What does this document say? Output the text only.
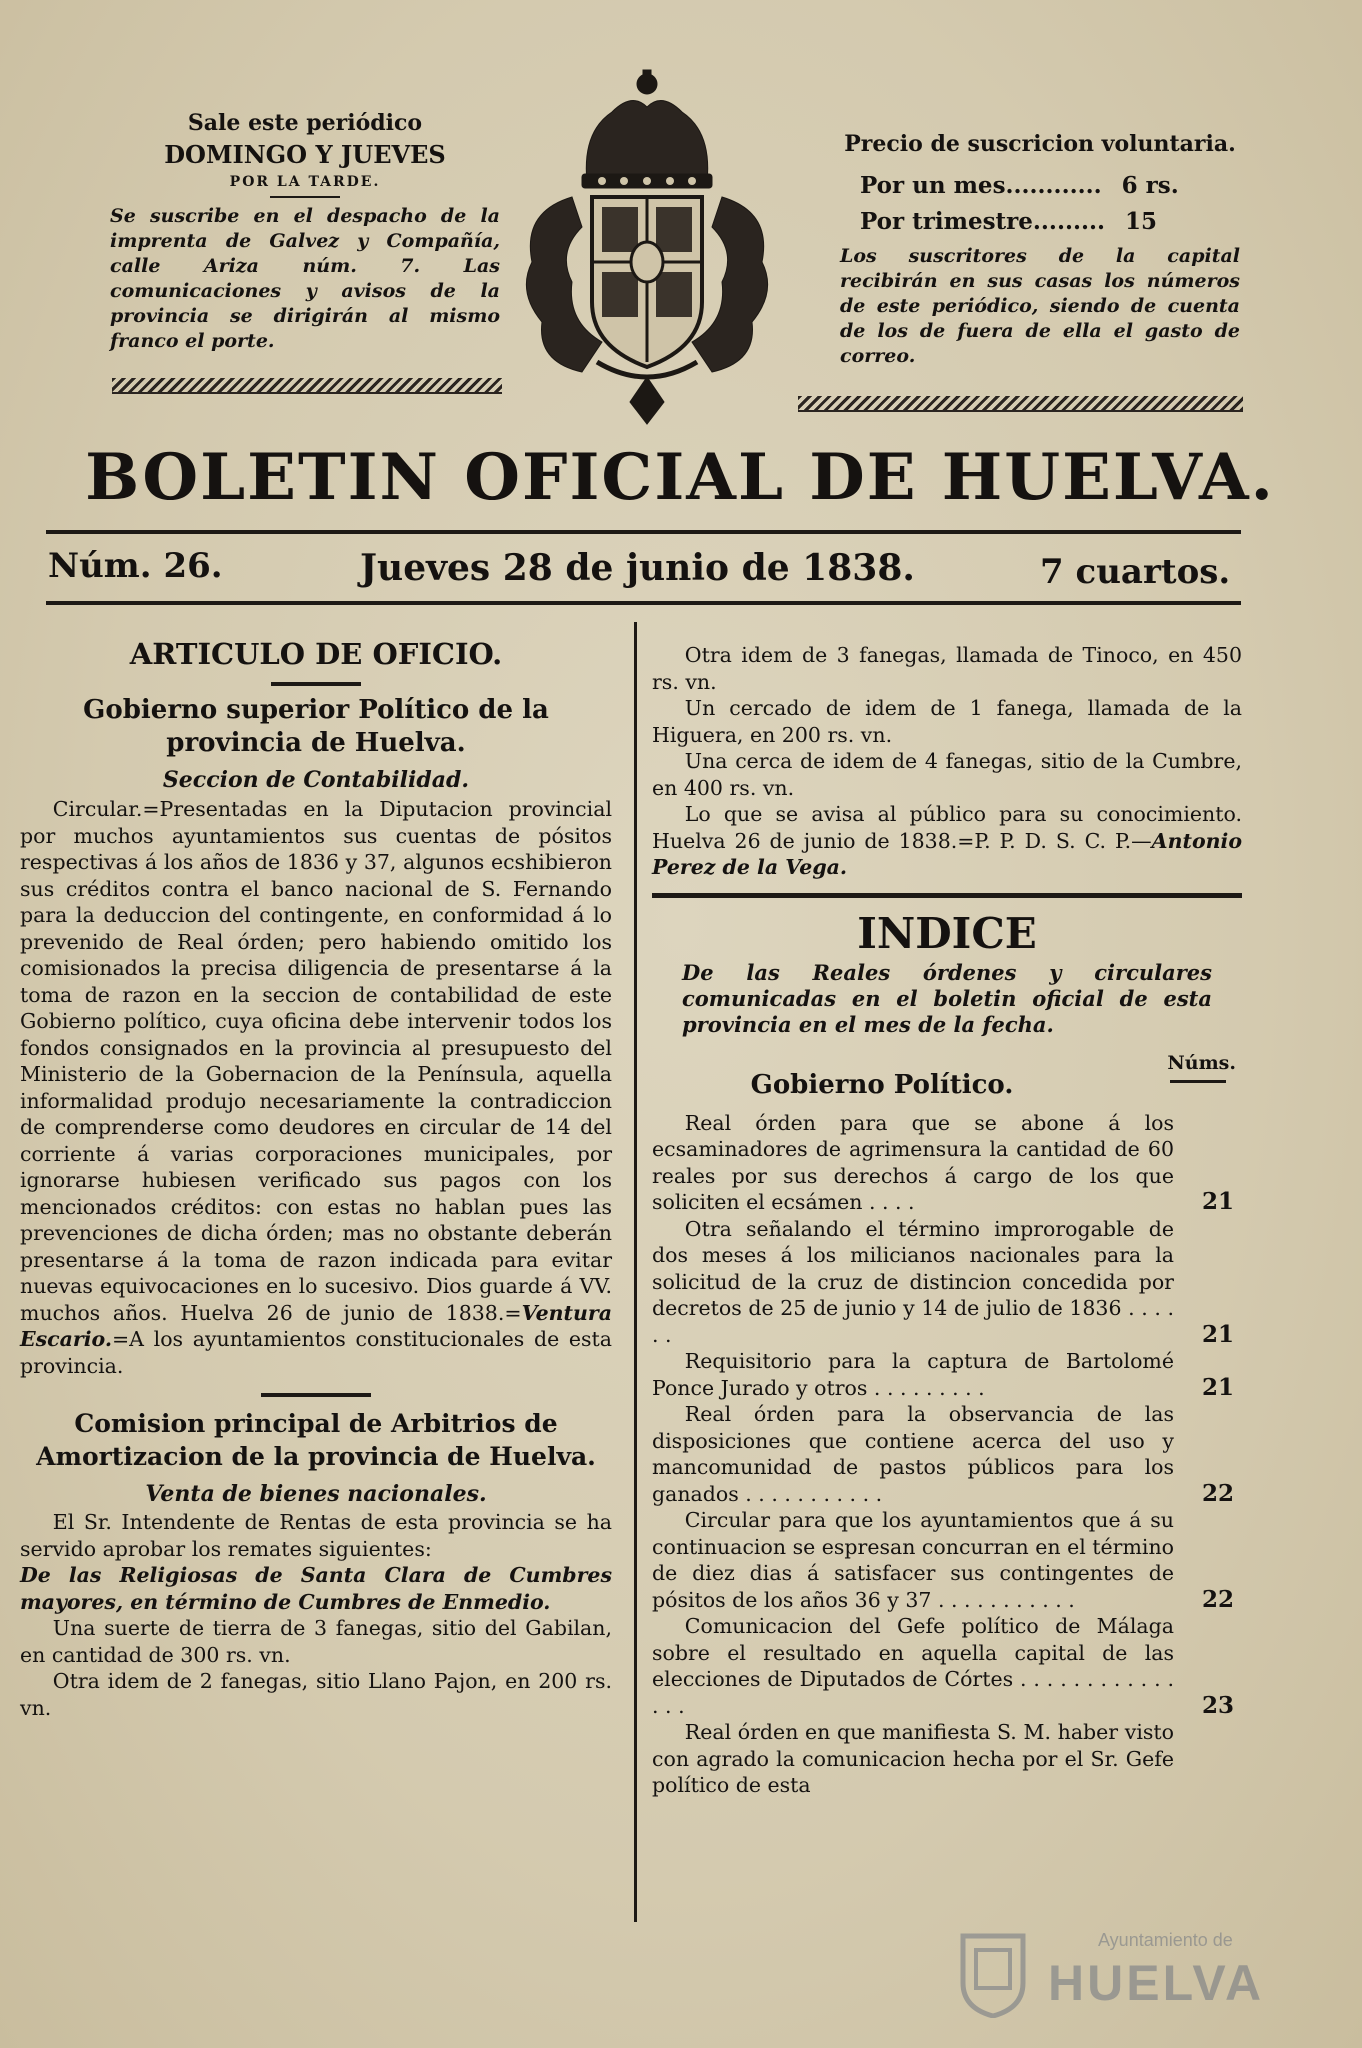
Sale este periódico
DOMINGO Y JUEVES
POR LA TARDE.
Se suscribe en el despacho de la imprenta de Galvez y Compañía, calle Ariza núm. 7. Las comunicaciones y avisos de la provincia se dirigirán al mismo franco el porte.
Precio de suscricion voluntaria.
Por un mes............ 6 rs.
Por trimestre......... 15
Los suscritores de la capital recibirán en sus casas los números de este periódico, siendo de cuenta de los de fuera de ella el gasto de correo.
BOLETIN OFICIAL DE HUELVA.
Núm. 26.	Jueves 28 de junio de 1838.	7 cuartos.
ARTICULO DE OFICIO.
Gobierno superior Político de la provincia de Huelva.
Seccion de Contabilidad.

Circular.=Presentadas en la Diputacion provincial por muchos ayuntamientos sus cuentas de pósitos respectivas á los años de 1836 y 37, algunos ecshibieron sus créditos contra el banco nacional de S. Fernando para la deduccion del contingente, en conformidad á lo prevenido de Real órden; pero habiendo omitido los comisionados la precisa diligencia de presentarse á la toma de razon en la seccion de contabilidad de este Gobierno político, cuya oficina debe intervenir todos los fondos consignados en la provincia al presupuesto del Ministerio de la Gobernacion de la Península, aquella informalidad produjo necesariamente la contradiccion de comprenderse como deudores en circular de 14 del corriente á varias corporaciones municipales, por ignorarse hubiesen verificado sus pagos con los mencionados créditos: con estas no hablan pues las prevenciones de dicha órden; mas no obstante deberán presentarse á la toma de razon indicada para evitar nuevas equivocaciones en lo sucesivo. Dios guarde á VV. muchos años. Huelva 26 de junio de 1838.=Ventura Escario.=A los ayuntamientos constitucionales de esta provincia.

Comision principal de Arbitrios de Amortizacion de la provincia de Huelva.
Venta de bienes nacionales.

El Sr. Intendente de Rentas de esta provincia se ha servido aprobar los remates siguientes:

De las Religiosas de Santa Clara de Cumbres mayores, en término de Cumbres de Enmedio.

Una suerte de tierra de 3 fanegas, sitio del Gabilan, en cantidad de 300 rs. vn.

Otra idem de 2 fanegas, sitio Llano Pajon, en 200 rs. vn.

Otra idem de 3 fanegas, llamada de Tinoco, en 450 rs. vn.

Un cercado de idem de 1 fanega, llamada de la Higuera, en 200 rs. vn.

Una cerca de idem de 4 fanegas, sitio de la Cumbre, en 400 rs. vn.

Lo que se avisa al público para su conocimiento. Huelva 26 de junio de 1838.=P. P. D. S. C. P.—Antonio Perez de la Vega.

INDICE
De las Reales órdenes y circulares comunicadas en el boletin oficial de esta provincia en el mes de la fecha.
Gobierno Político.
Núms.
Real órden para que se abone á los ecsaminadores de agrimensura la cantidad de 60 reales por sus derechos á cargo de los que soliciten el ecsámen . . . .	21
Otra señalando el término improrogable de dos meses á los milicianos nacionales para la solicitud de la cruz de distincion concedida por decretos de 25 de junio y 14 de julio de 1836 . . . . . .	21
Requisitorio para la captura de Bartolomé Ponce Jurado y otros . . . . . . . . .	21
Real órden para la observancia de las disposiciones que contiene acerca del uso y mancomunidad de pastos públicos para los ganados . . . . . . . . . . .	22
Circular para que los ayuntamientos que á su continuacion se espresan concurran en el término de diez dias á satisfacer sus contingentes de pósitos de los años 36 y 37 . . . . . . . . . . .	22
Comunicacion del Gefe político de Málaga sobre el resultado en aquella capital de las elecciones de Diputados de Córtes . . . . . . . . . . . . . . .	23

Real órden en que manifiesta S. M. haber visto con agrado la comunicacion hecha por el Sr. Gefe político de esta

Ayuntamiento de
HUELVA
